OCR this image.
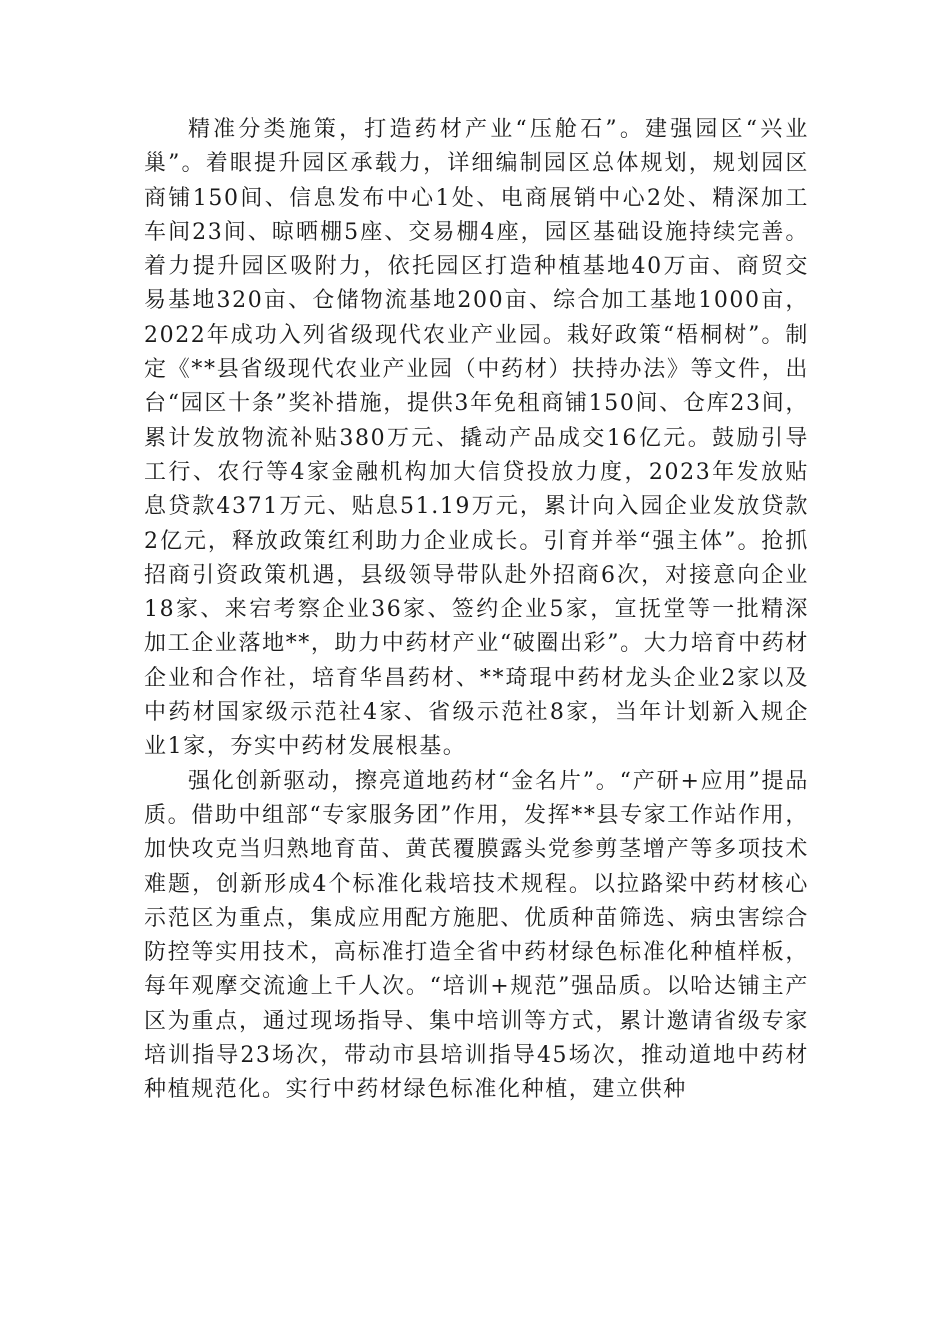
精准分类施策，打造药材产业“压舱石”。建强园区“兴业巢”。着眼提升园区承载力，详细编制园区总体规划，规划园区商铺150间、信息发布中心1处、电商展销中心2处、精深加工车间23间、晾晒棚5座、交易棚4座，园区基础设施持续完善。着力提升园区吸附力，依托园区打造种植基地40万亩、商贸交易基地320亩、仓储物流基地200亩、综合加工基地1000亩，2022年成功入列省级现代农业产业园。栽好政策“梧桐树”。制定《**县省级现代农业产业园（中药材）扶持办法》等文件，出台“园区十条”奖补措施，提供3年免租商铺150间、仓库23间，累计发放物流补贴380万元、撬动产品成交16亿元。鼓励引导工行、农行等4家金融机构加大信贷投放力度，2023年发放贴息贷款4371万元、贴息51.19万元，累计向入园企业发放贷款2亿元，释放政策红利助力企业成长。引育并举“强主体”。抢抓招商引资政策机遇，县级领导带队赴外招商6次，对接意向企业18家、来宕考察企业36家、签约企业5家，宣抚堂等一批精深加工企业落地**，助力中药材产业“破圈出彩”。大力培育中药材企业和合作社，培育华昌药材、**琦琨中药材龙头企业2家以及中药材国家级示范社4家、省级示范社8家，当年计划新入规企业1家，夯实中药材发展根基。

强化创新驱动，擦亮道地药材“金名片”。“产研+应用”提品质。借助中组部“专家服务团”作用，发挥**县专家工作站作用，加快攻克当归熟地育苗、黄芪覆膜露头党参剪茎增产等多项技术难题，创新形成4个标准化栽培技术规程。以拉路梁中药材核心示范区为重点，集成应用配方施肥、优质种苗筛选、病虫害综合防控等实用技术，高标准打造全省中药材绿色标准化种植样板，每年观摩交流逾上千人次。“培训+规范”强品质。以哈达铺主产区为重点，通过现场指导、集中培训等方式，累计邀请省级专家培训指导23场次，带动市县培训指导45场次，推动道地中药材种植规范化。实行中药材绿色标准化种植，建立供种
